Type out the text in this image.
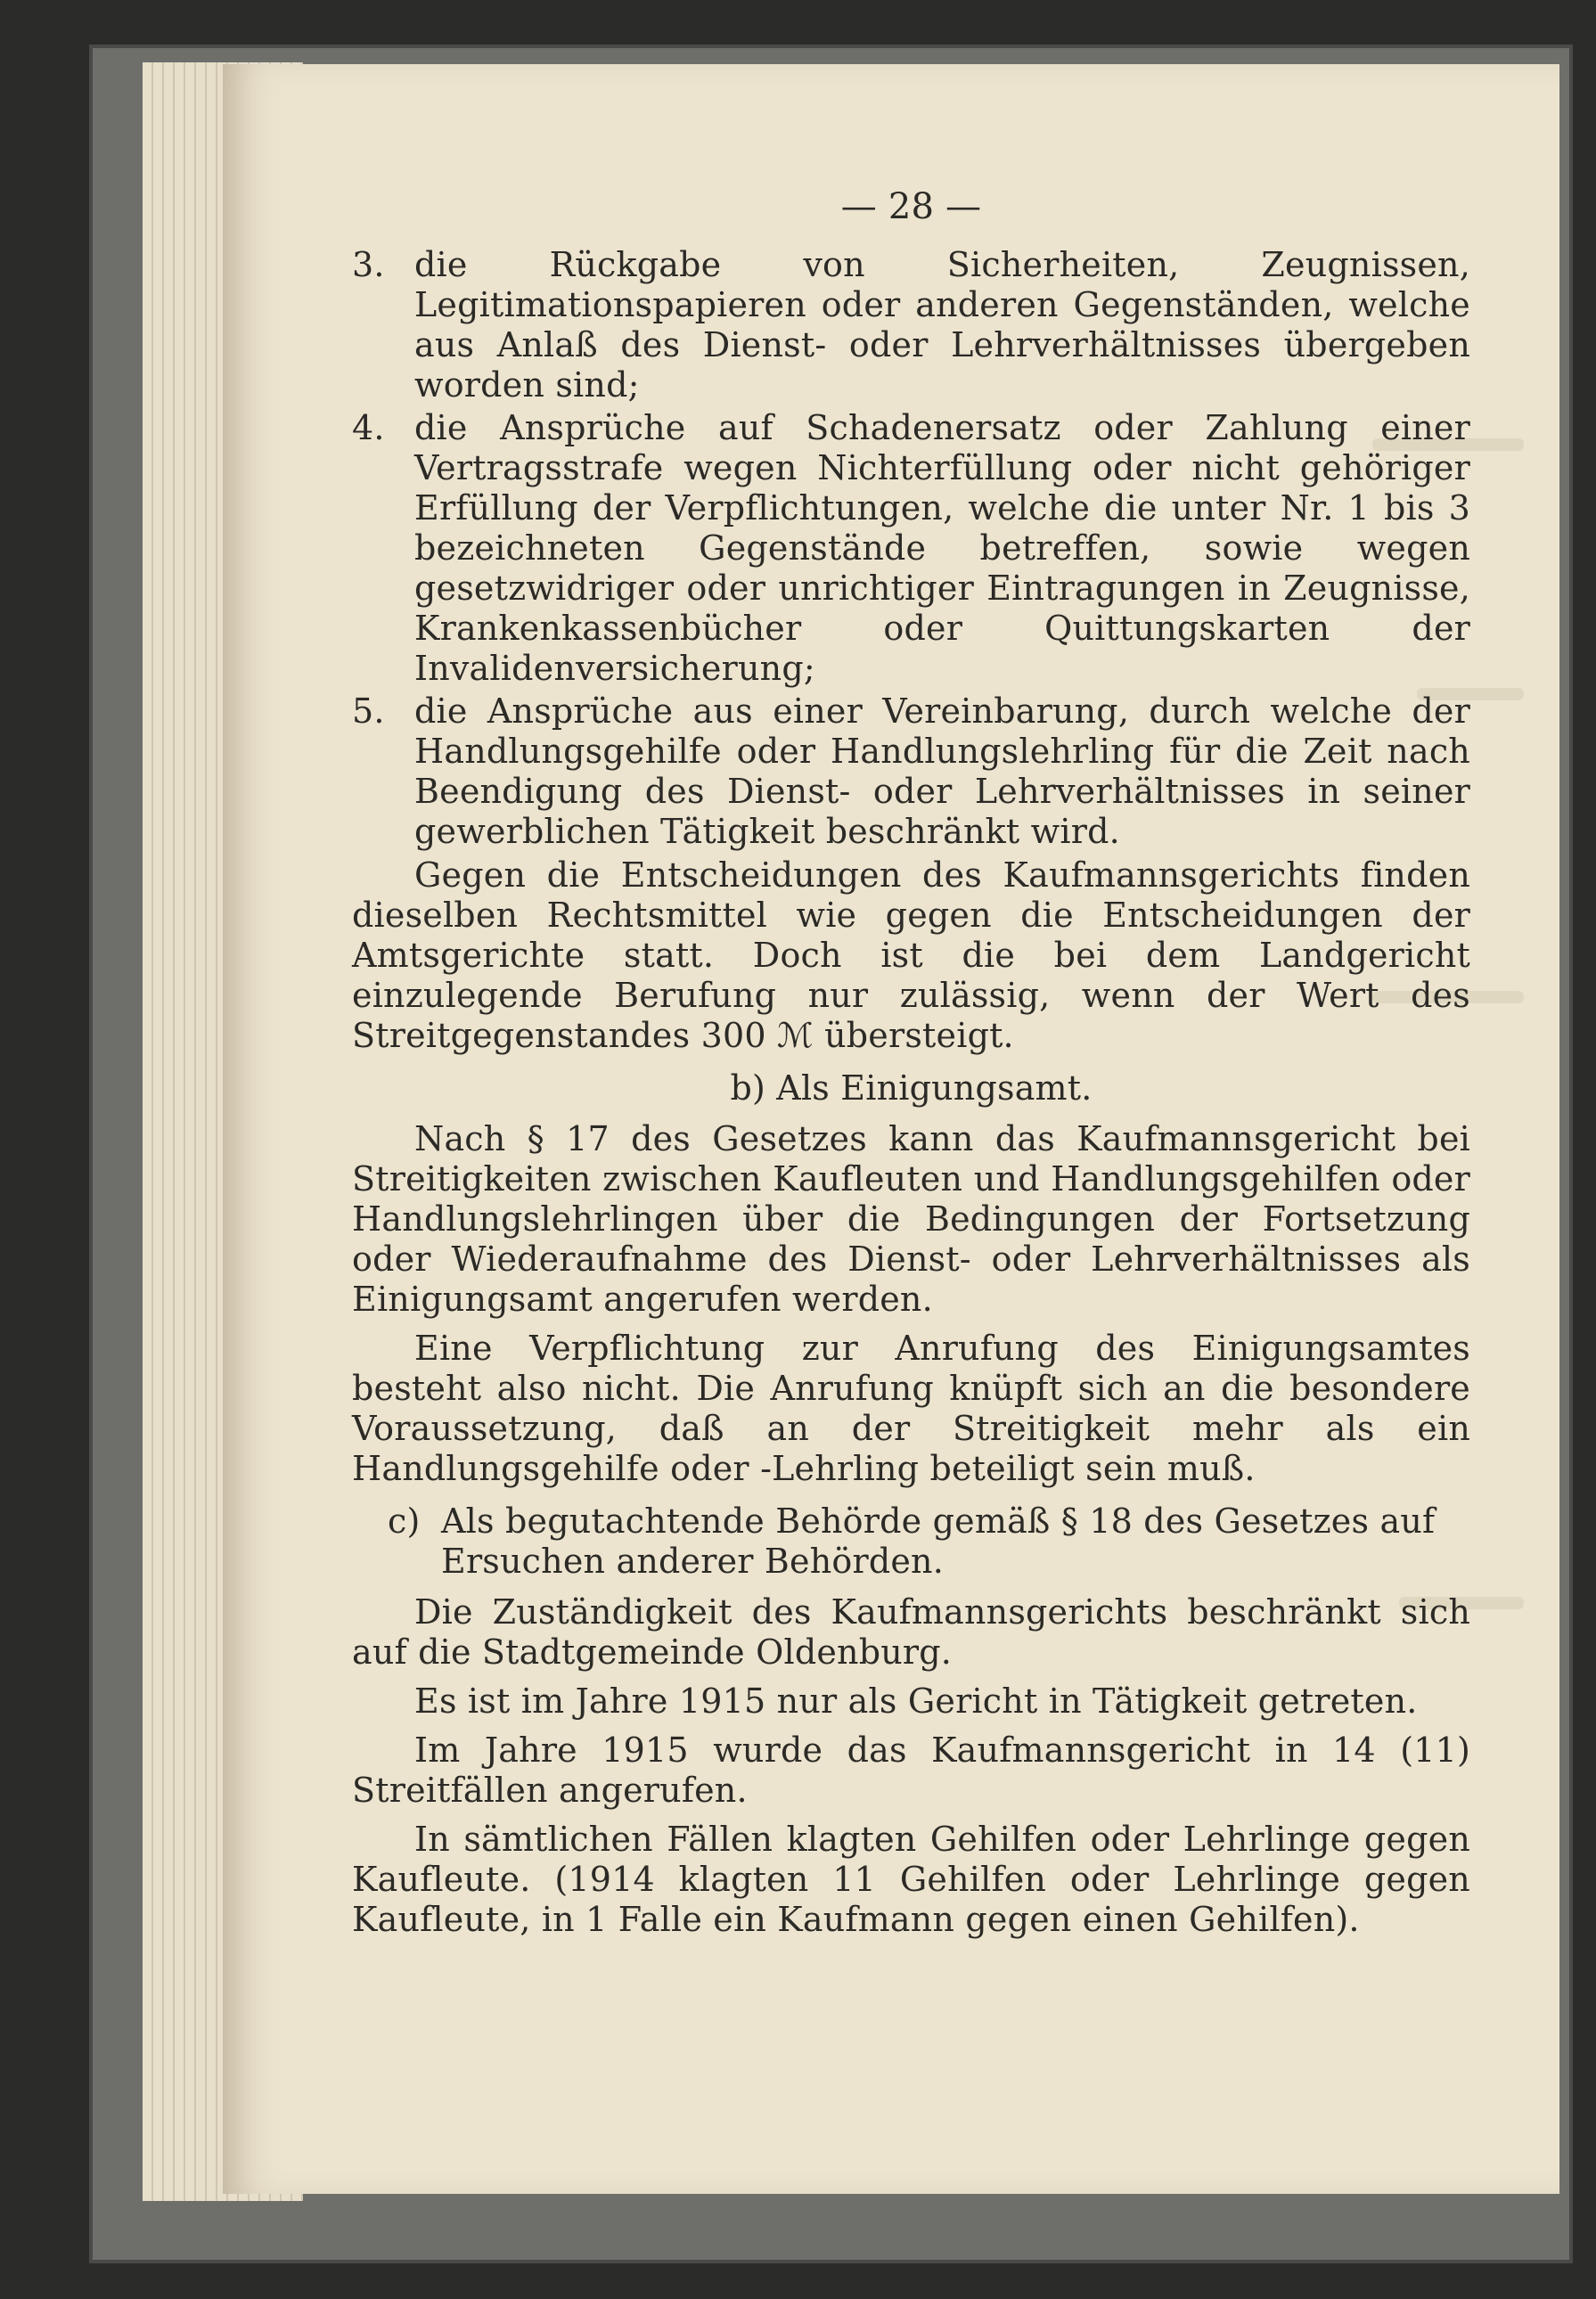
— 28 —
3. die Rückgabe von Sicherheiten, Zeugnissen, Legitimationspapieren oder anderen Gegenständen, welche aus Anlaß des Dienst- oder Lehrverhältnisses übergeben worden sind;
4. die Ansprüche auf Schadenersatz oder Zahlung einer Vertragsstrafe wegen Nichterfüllung oder nicht gehöriger Erfüllung der Verpflichtungen, welche die unter Nr. 1 bis 3 bezeichneten Gegenstände betreffen, sowie wegen gesetzwidriger oder unrichtiger Eintragungen in Zeugnisse, Krankenkassenbücher oder Quittungskarten der Invalidenversicherung;
5. die Ansprüche aus einer Vereinbarung, durch welche der Handlungsgehilfe oder Handlungslehrling für die Zeit nach Beendigung des Dienst- oder Lehrverhältnisses in seiner gewerblichen Tätigkeit beschränkt wird.

Gegen die Entscheidungen des Kaufmannsgerichts finden dieselben Rechtsmittel wie gegen die Entscheidungen der Amtsgerichte statt. Doch ist die bei dem Landgericht einzulegende Berufung nur zulässig, wenn der Wert des Streitgegenstandes 300 ℳ übersteigt.

b) Als Einigungsamt.

Nach § 17 des Gesetzes kann das Kaufmannsgericht bei Streitigkeiten zwischen Kaufleuten und Handlungsgehilfen oder Handlungslehrlingen über die Bedingungen der Fortsetzung oder Wiederaufnahme des Dienst- oder Lehrverhältnisses als Einigungsamt angerufen werden.

Eine Verpflichtung zur Anrufung des Einigungsamtes besteht also nicht. Die Anrufung knüpft sich an die besondere Voraussetzung, daß an der Streitigkeit mehr als ein Handlungsgehilfe oder -Lehrling beteiligt sein muß.

c) Als begutachtende Behörde gemäß § 18 des Gesetzes auf Ersuchen anderer Behörden.

Die Zuständigkeit des Kaufmannsgerichts beschränkt sich auf die Stadtgemeinde Oldenburg.

Es ist im Jahre 1915 nur als Gericht in Tätigkeit getreten.

Im Jahre 1915 wurde das Kaufmannsgericht in 14 (11) Streitfällen angerufen.

In sämtlichen Fällen klagten Gehilfen oder Lehrlinge gegen Kaufleute. (1914 klagten 11 Gehilfen oder Lehrlinge gegen Kaufleute, in 1 Falle ein Kaufmann gegen einen Gehilfen).
